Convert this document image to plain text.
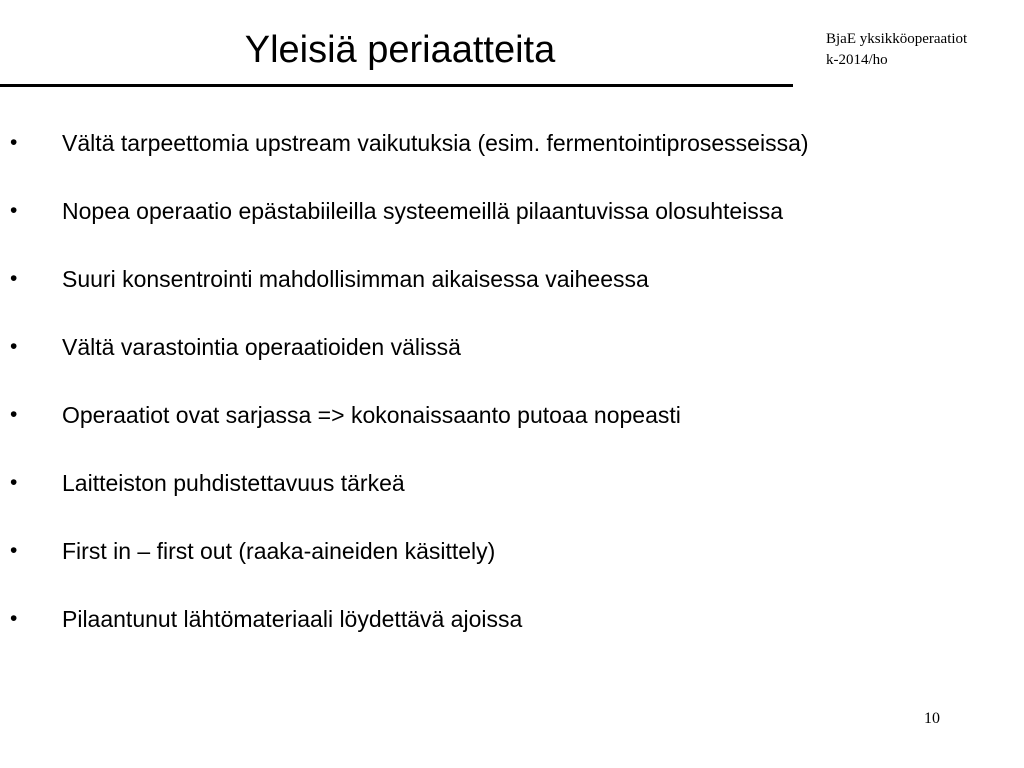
Yleisiä periaatteita	BjaE yksikköoperaatiot
k-2014/ho
•	Vältä tarpeettomia upstream vaikutuksia (esim. fermentointiprosesseissa)
•	Nopea operaatio epästabiileilla systeemeillä pilaantuvissa olosuhteissa
•	Suuri konsentrointi mahdollisimman aikaisessa vaiheessa
•	Vältä varastointia operaatioiden välissä
•	Operaatiot ovat sarjassa => kokonaissaanto putoaa nopeasti
•	Laitteiston puhdistettavuus tärkeä
•	First in – first out (raaka-aineiden käsittely)
•	Pilaantunut lähtömateriaali löydettävä ajoissa
10
